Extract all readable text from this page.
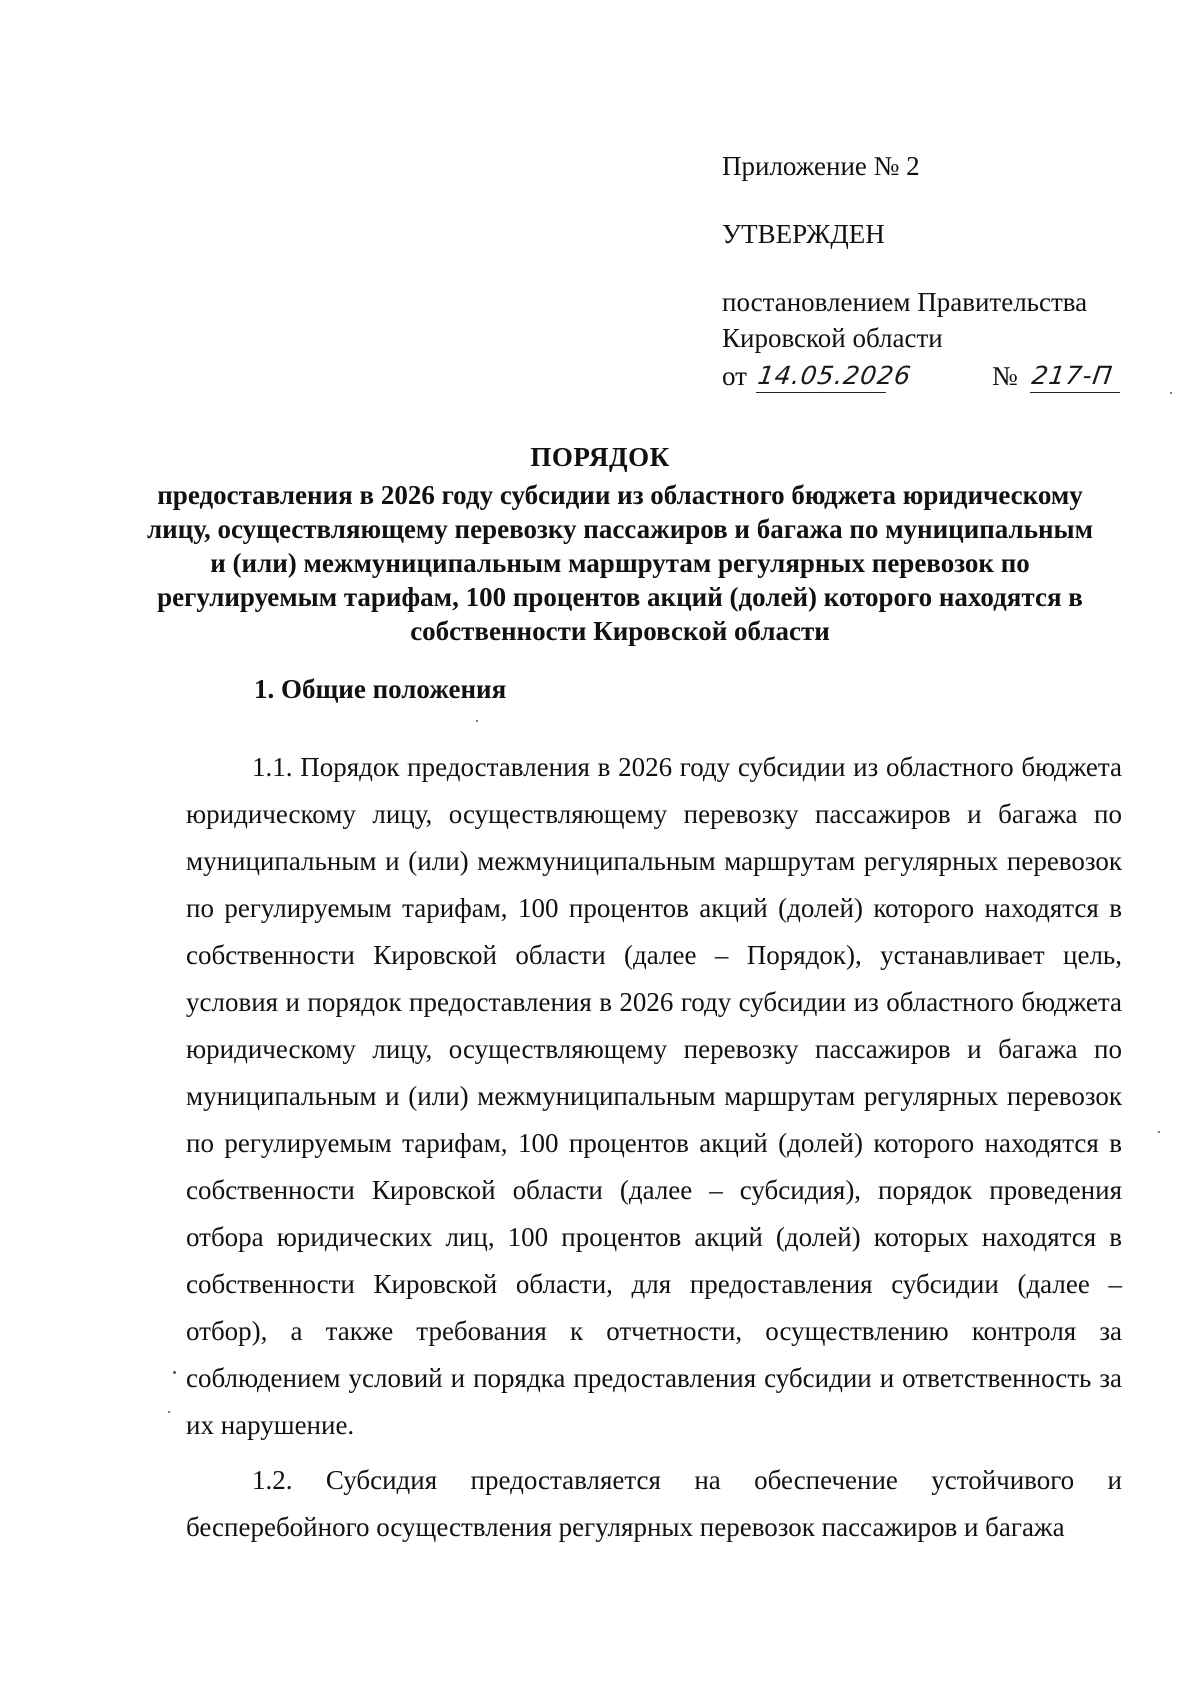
Приложение № 2
УТВЕРЖДЕН
постановлением Правительства
Кировской области
от 14.05.2026	№ 217-П
ПОРЯДОК
предоставления в 2026 году субсидии из областного бюджета юридическому лицу, осуществляющему перевозку пассажиров и багажа по муниципальным и (или) межмуниципальным маршрутам регулярных перевозок по регулируемым тарифам, 100 процентов акций (долей) которого находятся в собственности Кировской области
1. Общие положения

1.1. Порядок предоставления в 2026 году субсидии из областного бюджета юридическому лицу, осуществляющему перевозку пассажиров и багажа по муниципальным и (или) межмуниципальным маршрутам регулярных перевозок по регулируемым тарифам, 100 процентов акций (долей) которого находятся в собственности Кировской области (далее – Порядок), устанавливает цель, условия и порядок предоставления в 2026 году субсидии из областного бюджета юридическому лицу, осуществляющему перевозку пассажиров и багажа по муниципальным и (или) межмуниципальным маршрутам регулярных перевозок по регулируемым тарифам, 100 процентов акций (долей) которого находятся в собственности Кировской области (далее – субсидия), порядок проведения отбора юридических лиц, 100 процентов акций (долей) которых находятся в собственности Кировской области, для предоставления субсидии (далее – отбор), а также требования к отчетности, осуществлению контроля за соблюдением условий и порядка предоставления субсидии и ответственность за их нарушение.

1.2. Субсидия предоставляется на обеспечение устойчивого и бесперебойного осуществления регулярных перевозок пассажиров и багажа
